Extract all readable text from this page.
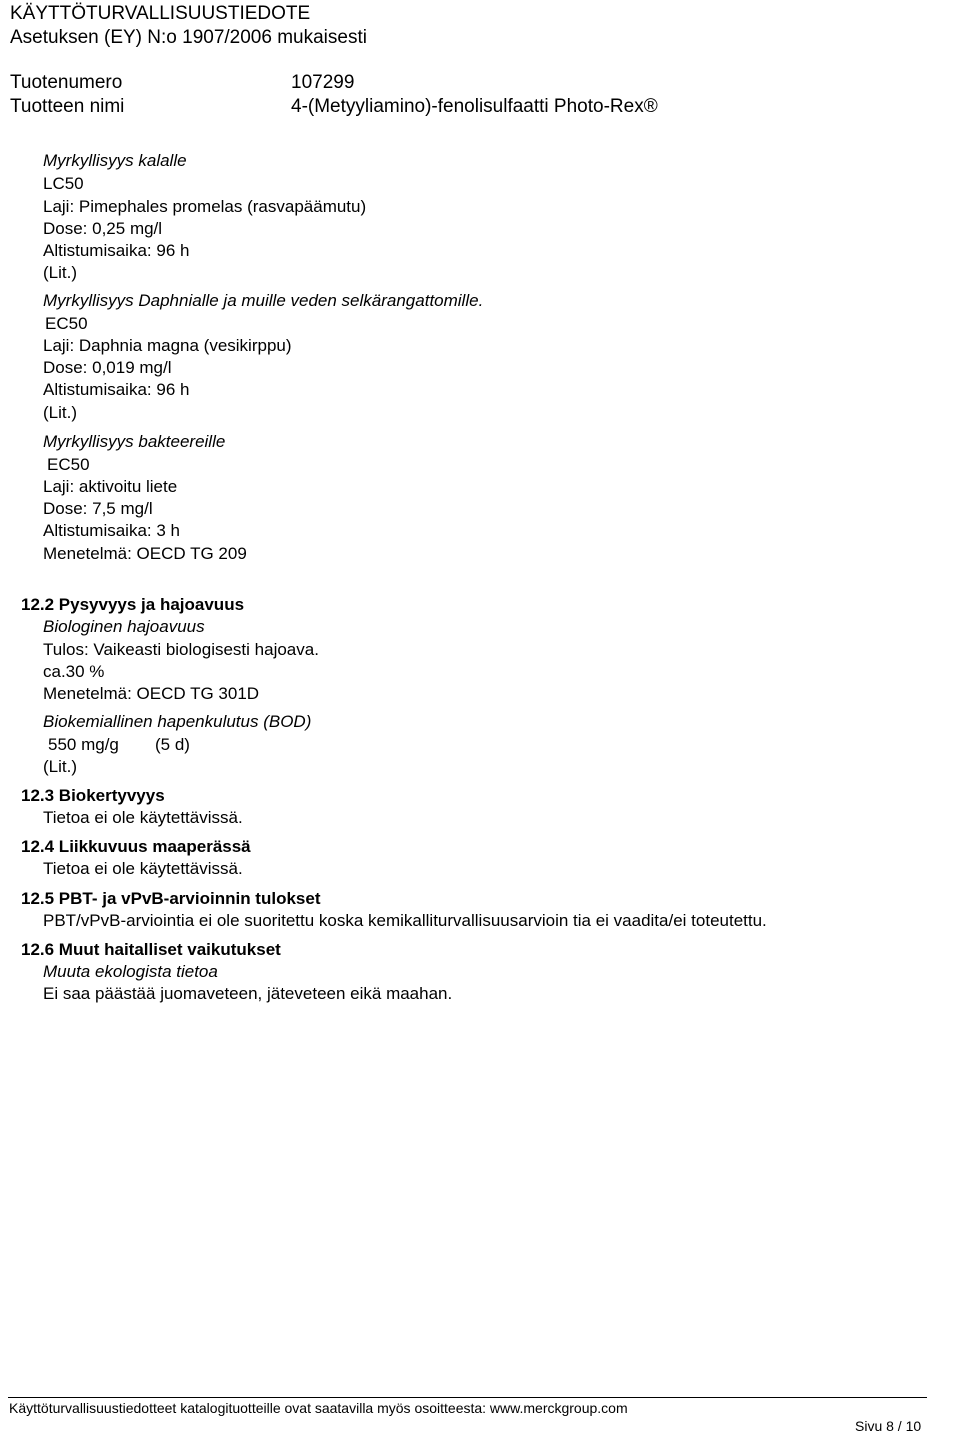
KÄYTTÖTURVALLISUUSTIEDOTE
Asetuksen (EY) N:o 1907/2006 mukaisesti
Tuotenumero	107299
Tuotteen nimi	4-(Metyyliamino)-fenolisulfaatti Photo-Rex®
Myrkyllisyys kalalle
LC50
Laji: Pimephales promelas (rasvapäämutu)
Dose: 0,25 mg/l
Altistumisaika: 96 h
(Lit.)
Myrkyllisyys Daphnialle ja muille veden selkärangattomille.
EC50
Laji: Daphnia magna (vesikirppu)
Dose: 0,019 mg/l
Altistumisaika: 96 h
(Lit.)
Myrkyllisyys bakteereille
EC50
Laji: aktivoitu liete
Dose: 7,5 mg/l
Altistumisaika: 3 h
Menetelmä: OECD TG 209
12.2 Pysyvyys ja hajoavuus
Biologinen hajoavuus
Tulos: Vaikeasti biologisesti hajoava.
ca.30 %
Menetelmä: OECD TG 301D
Biokemiallinen hapenkulutus (BOD)
550 mg/g (5 d)
(Lit.)
12.3 Biokertyvyys
Tietoa ei ole käytettävissä.
12.4 Liikkuvuus maaperässä
Tietoa ei ole käytettävissä.
12.5 PBT- ja vPvB-arvioinnin tulokset
PBT/vPvB-arviointia ei ole suoritettu koska kemikalliturvallisuusarvioin tia ei vaadita/ei toteutettu.
12.6 Muut haitalliset vaikutukset
Muuta ekologista tietoa
Ei saa päästää juomaveteen, jäteveteen eikä maahan.
Käyttöturvallisuustiedotteet katalogituotteille ovat saatavilla myös osoitteesta: www.merckgroup.com
Sivu 8 / 10
